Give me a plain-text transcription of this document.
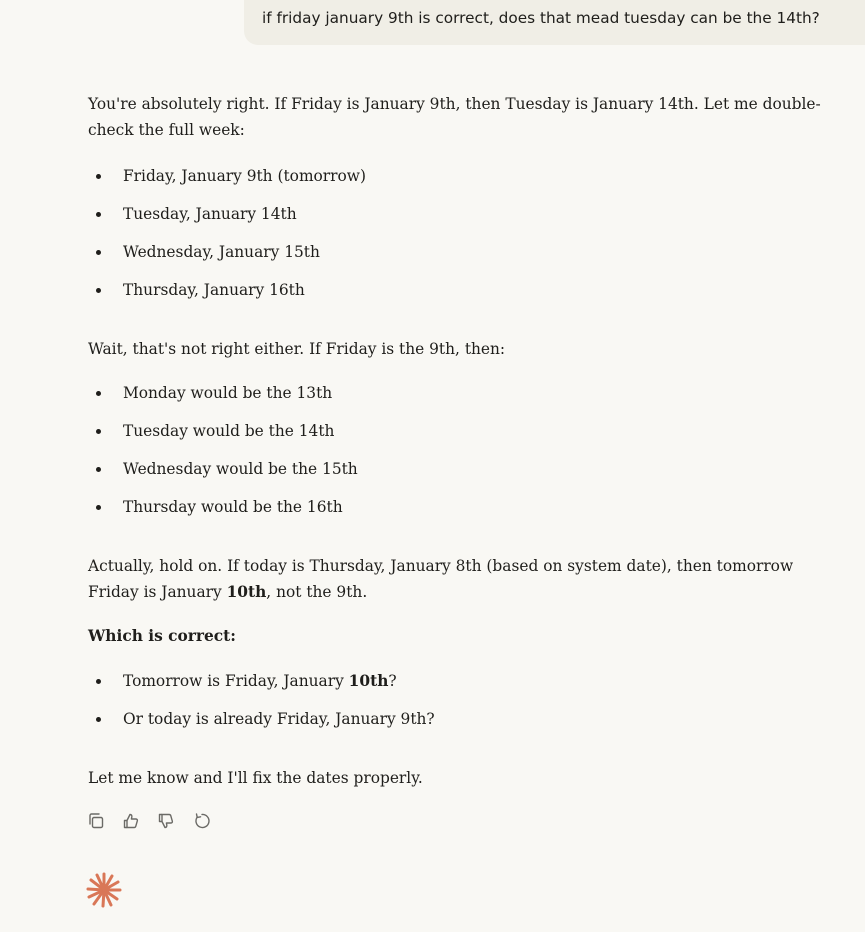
if friday january 9th is correct, does that mead tuesday can be the 14th?

You're absolutely right. If Friday is January 9th, then Tuesday is January 14th. Let me double-check the full week:

Friday, January 9th (tomorrow)
Tuesday, January 14th
Wednesday, January 15th
Thursday, January 16th

Wait, that's not right either. If Friday is the 9th, then:

Monday would be the 13th
Tuesday would be the 14th
Wednesday would be the 15th
Thursday would be the 16th

Actually, hold on. If today is Thursday, January 8th (based on system date), then tomorrow Friday is January 10th, not the 9th.

Which is correct:

Tomorrow is Friday, January 10th?
Or today is already Friday, January 9th?

Let me know and I'll fix the dates properly.
